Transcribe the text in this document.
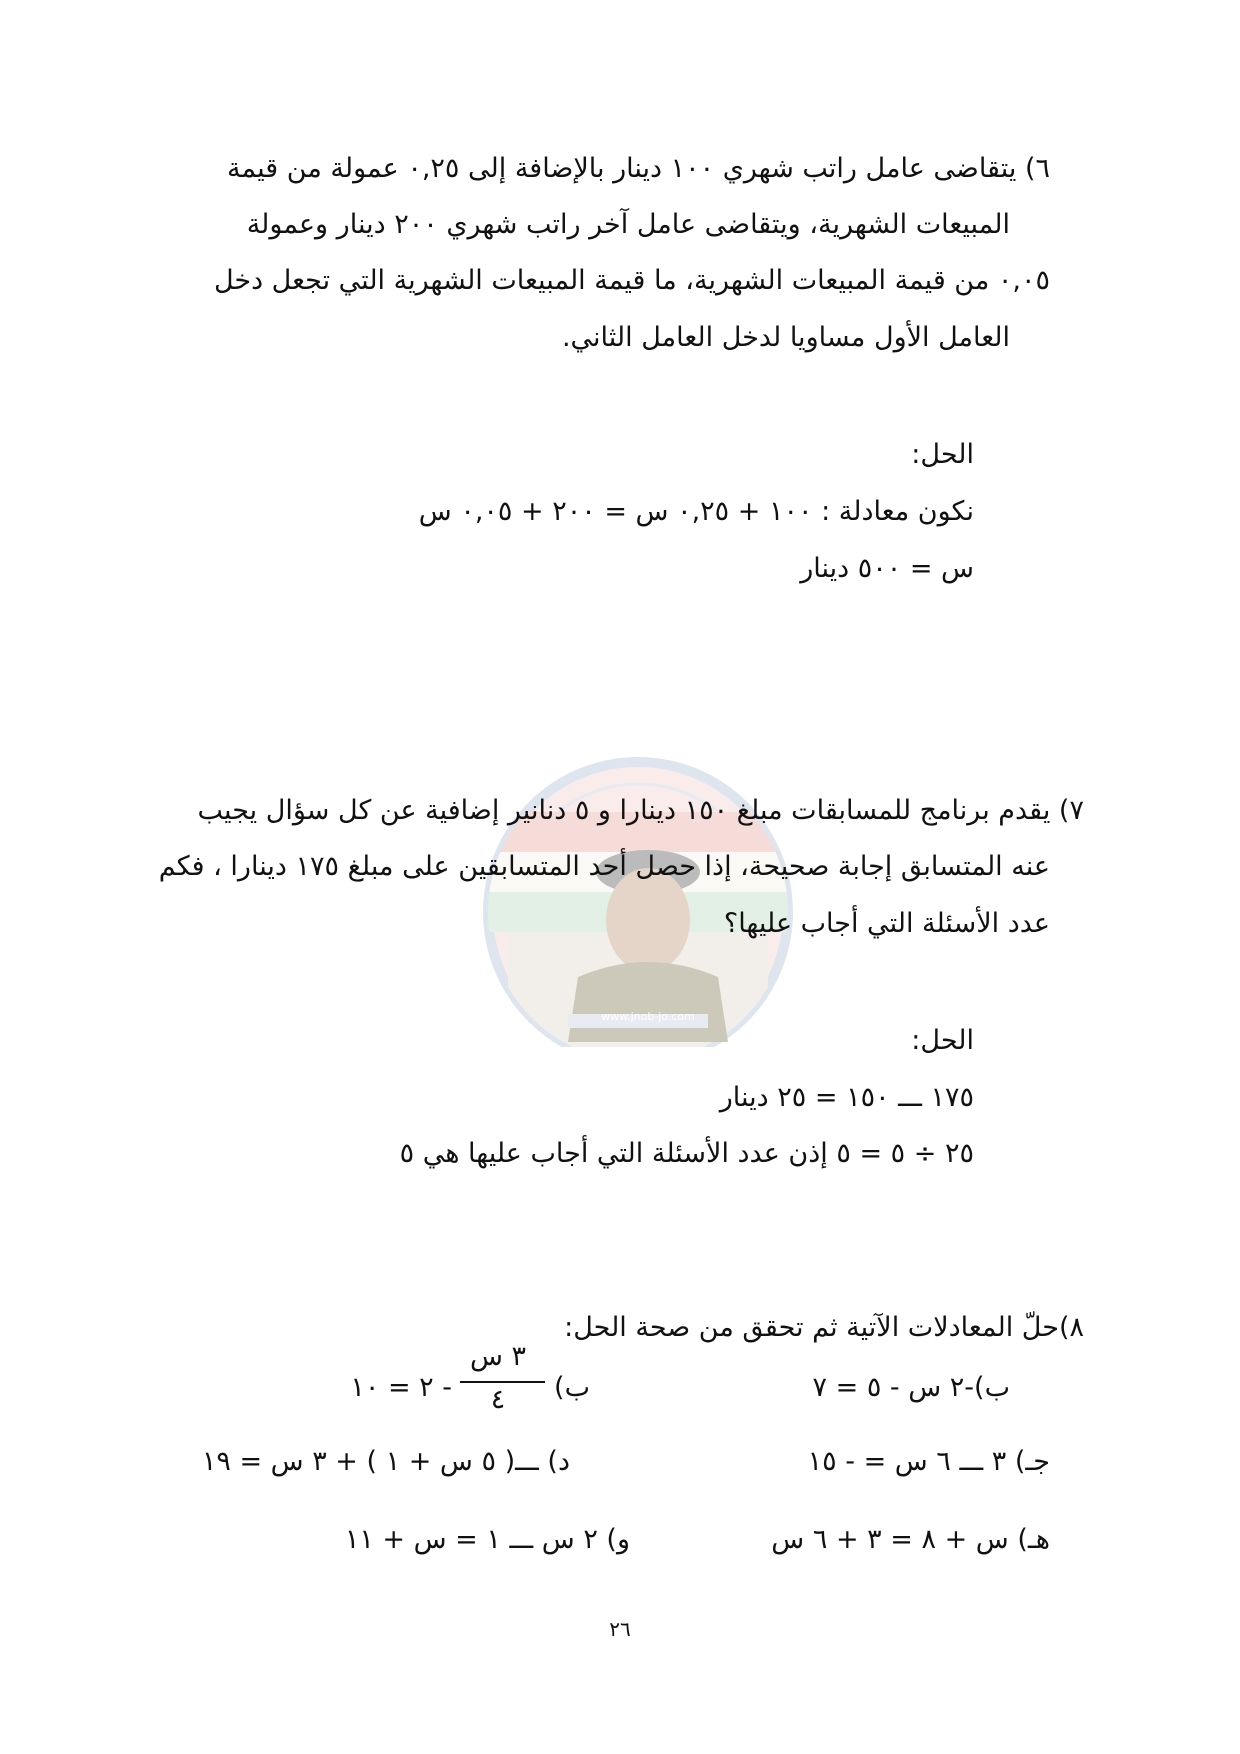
٦) يتقاضى عامل راتب شهري ١٠٠ دينار بالإضافة إلى ٠,٢٥ عمولة من قيمة
المبيعات الشهرية، ويتقاضى عامل آخر راتب شهري ٢٠٠ دينار وعمولة
٠,٠٥ من قيمة المبيعات الشهرية، ما قيمة المبيعات الشهرية التي تجعل دخل
العامل الأول مساويا لدخل العامل الثاني.
الحل:
نكون معادلة : ١٠٠ + ٠,٢٥ س = ٢٠٠ + ٠,٠٥ س
س = ٥٠٠ دينار
www.jnob-jo.com
٧) يقدم برنامج للمسابقات مبلغ ١٥٠ دينارا و ٥ دنانير إضافية عن كل سؤال يجيب
عنه المتسابق إجابة صحيحة، إذا حصل أحد المتسابقين على مبلغ ١٧٥ دينارا ، فكم
عدد الأسئلة التي أجاب عليها؟
الحل:
١٧٥ ـــ ١٥٠ = ٢٥ دينار
٢٥ ÷ ٥ = ٥ إذن عدد الأسئلة التي أجاب عليها هي ٥
٨)حلّ المعادلات الآتية ثم تحقق من صحة الحل:
ب)-٢ س - ٥ = ٧
ب)
٣ س
٤
- ٢ = ١٠
جـ) ٣ ـــ ٦ س = - ١٥
د) ـــ( ٥ س + ١ ) + ٣ س = ١٩
هـ) س + ٨ = ٣ + ٦ س
و) ٢ س ـــ ١ = س + ١١
٢٦
